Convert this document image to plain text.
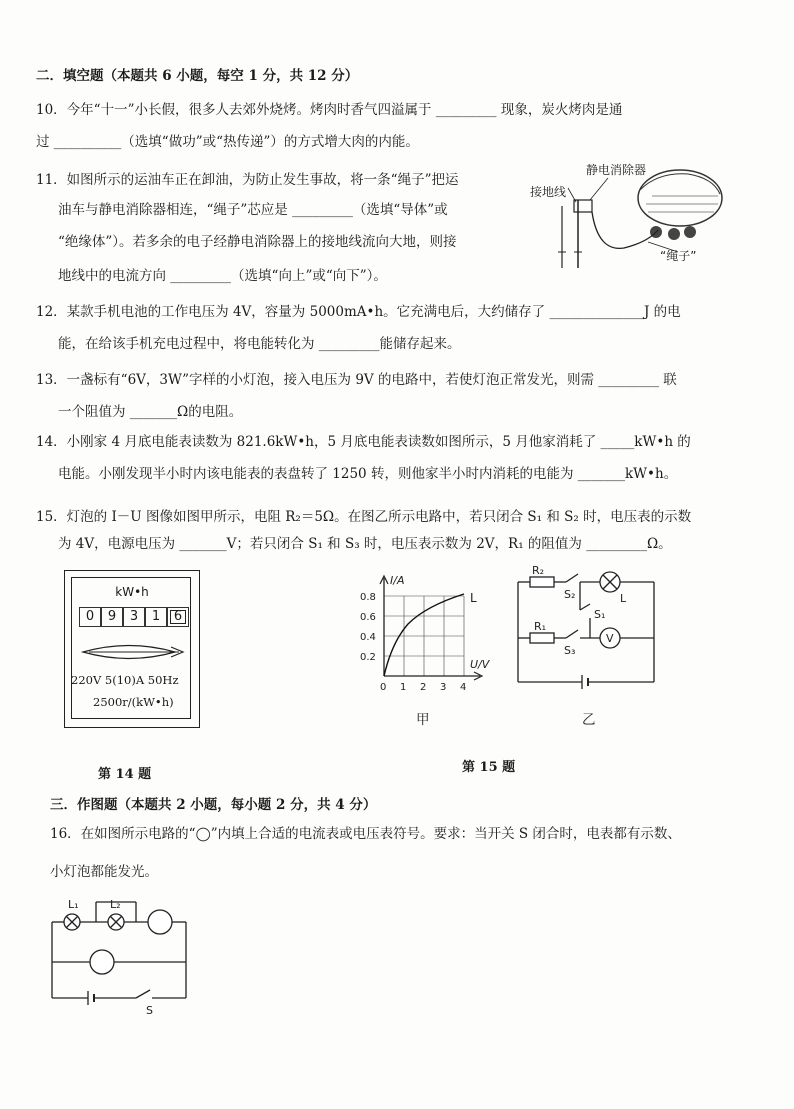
二．填空题（本题共 6 小题，每空 1 分，共 12 分）
10．今年“十一”小长假，很多人去郊外烧烤。烤肉时香气四溢属于 _________ 现象，炭火烤肉是通
过 __________（选填“做功”或“热传递”）的方式增大肉的内能。
11．如图所示的运油车正在卸油，为防止发生事故，将一条“绳子”把运
油车与静电消除器相连，“绳子”芯应是 _________（选填“导体”或
“绝缘体”）。若多余的电子经静电消除器上的接地线流向大地，则接
地线中的电流方向 _________（选填“向上”或“向下”）。
静电消除器
接地线
“绳子”
12．某款手机电池的工作电压为 4V，容量为 5000mA•h。它充满电后，大约储存了 ______________J 的电
能，在给该手机充电过程中，将电能转化为 _________能储存起来。
13．一盏标有“6V，3W”字样的小灯泡，接入电压为 9V 的电路中，若使灯泡正常发光，则需 _________ 联
一个阻值为 _______Ω的电阻。
14．小刚家 4 月底电能表读数为 821.6kW•h，5 月底电能表读数如图所示，5 月他家消耗了 _____kW•h 的
电能。小刚发现半小时内该电能表的表盘转了 1250 转，则他家半小时内消耗的电能为 _______kW•h。
15．灯泡的 I－U 图像如图甲所示，电阻 R₂＝5Ω。在图乙所示电路中，若只闭合 S₁ 和 S₂ 时，电压表的示数
为 4V，电源电压为 _______V；若只闭合 S₁ 和 S₃ 时，电压表示数为 2V，R₁ 的阻值为 _________Ω。
kW•h
0 9 3 1 6
220V 5(10)A 50Hz
2500r/(kW•h)
I/A
U/V
L
0.8
0.6
0.4
0.2
0 1 2 3 4
R₂
S₂	L
S₁
R₁
V
S₃
甲	乙
第 14 题	第 15 题
三．作图题（本题共 2 小题，每小题 2 分，共 4 分）
16．在如图所示电路的“◯”内填上合适的电流表或电压表符号。要求：当开关 S 闭合时，电表都有示数、
小灯泡都能发光。
L₁	L₂
S
